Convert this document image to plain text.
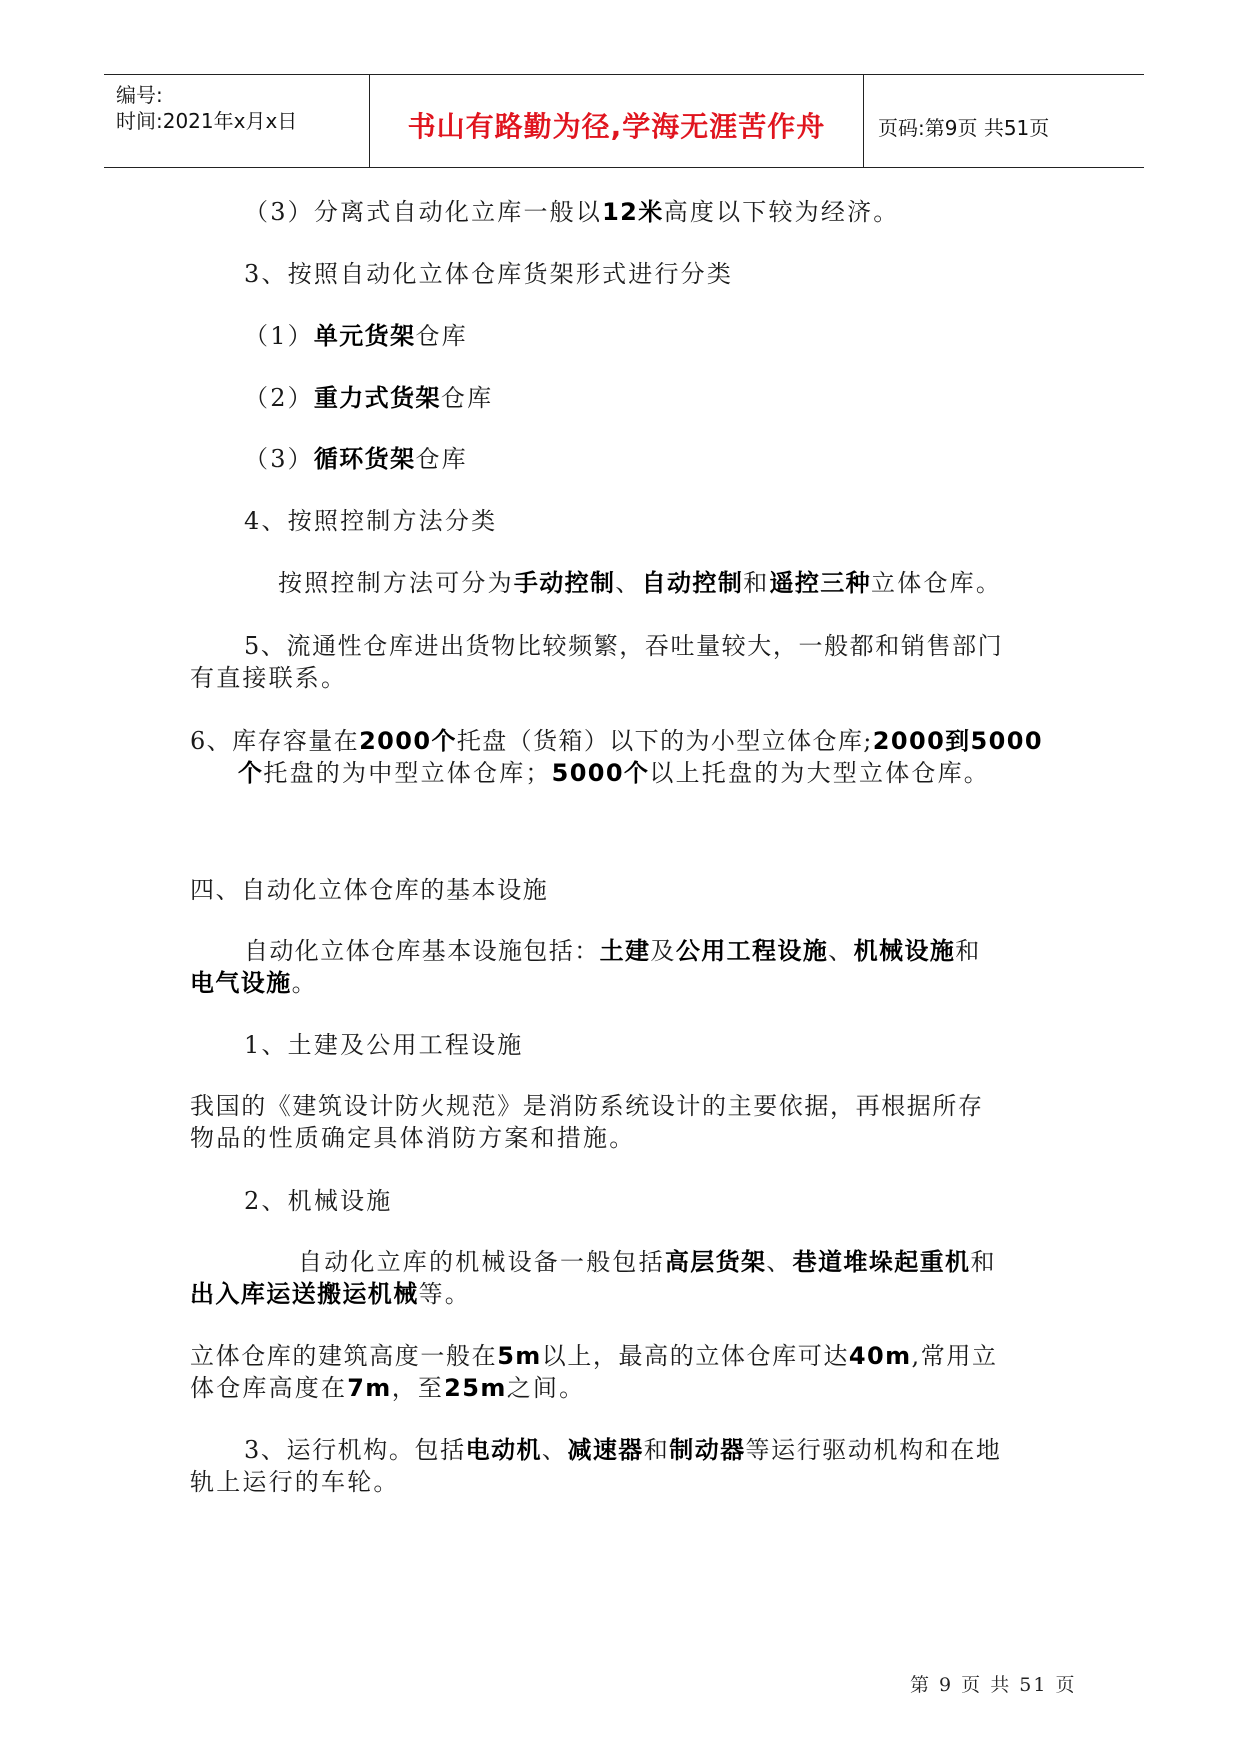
编号:
时间:2021年x月x日	书山有路勤为径,学海无涯苦作舟	页码:第9页 共51页
（3）分离式自动化立库一般以12米高度以下较为经济。
3、按照自动化立体仓库货架形式进行分类
（1）单元货架仓库
（2）重力式货架仓库
（3）循环货架仓库
4、按照控制方法分类
按照控制方法可分为手动控制、自动控制和遥控三种立体仓库。
5、流通性仓库进出货物比较频繁，吞吐量较大，一般都和销售部门
有直接联系。
6、库存容量在2000个托盘（货箱）以下的为小型立体仓库;2000到5000
个托盘的为中型立体仓库；5000个以上托盘的为大型立体仓库。
四、自动化立体仓库的基本设施
自动化立体仓库基本设施包括：土建及公用工程设施、机械设施和
电气设施。
1、土建及公用工程设施
我国的《建筑设计防火规范》是消防系统设计的主要依据，再根据所存
物品的性质确定具体消防方案和措施。
2、机械设施
自动化立库的机械设备一般包括高层货架、巷道堆垛起重机和
出入库运送搬运机械等。
立体仓库的建筑高度一般在5m以上，最高的立体仓库可达40m,常用立
体仓库高度在7m，至25m之间。
3、运行机构。包括电动机、减速器和制动器等运行驱动机构和在地
轨上运行的车轮。
第 9 页 共 51 页
